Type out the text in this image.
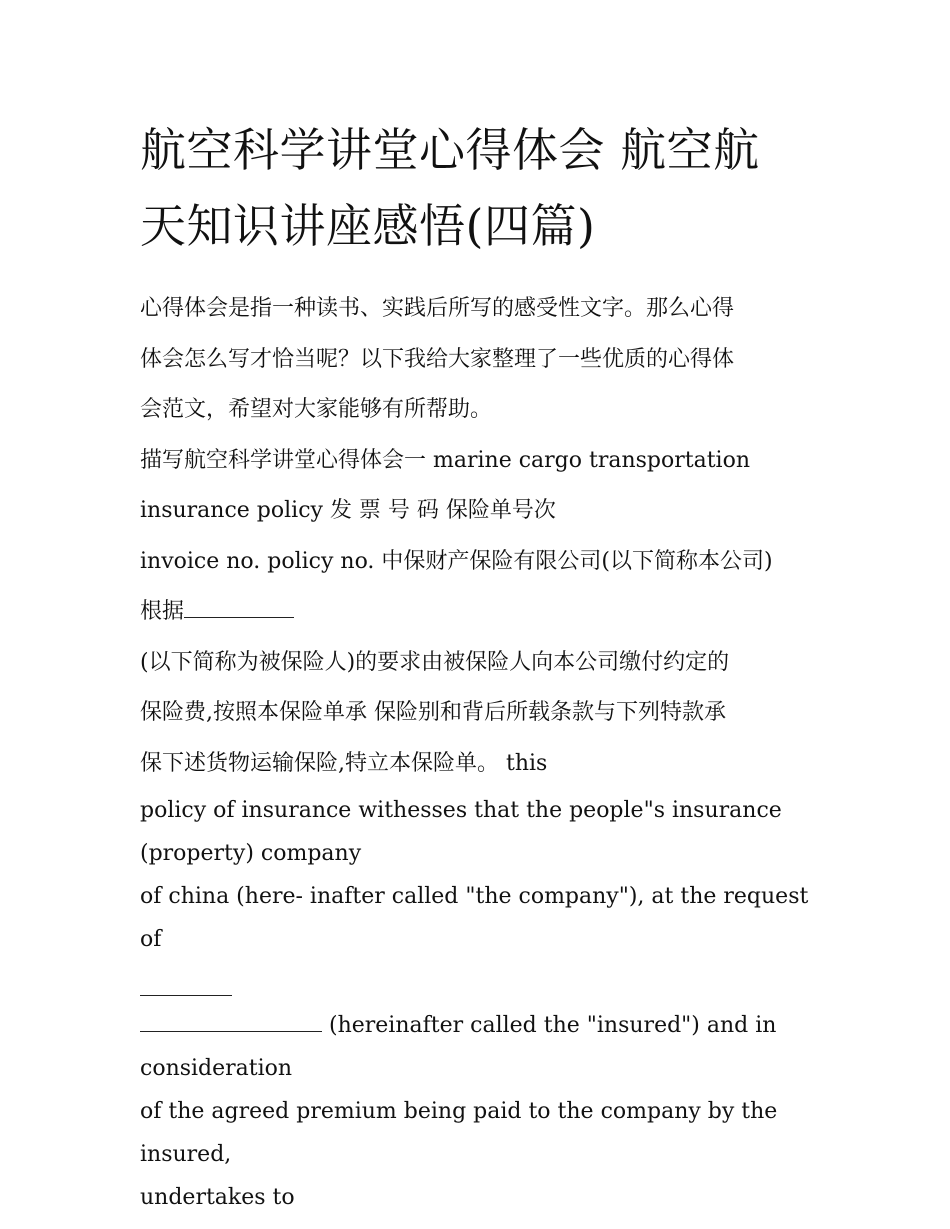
航空科学讲堂心得体会 航空航
天知识讲座感悟(四篇)
心得体会是指一种读书、实践后所写的感受性文字。那么心得
体会怎么写才恰当呢？以下我给大家整理了一些优质的心得体
会范文，希望对大家能够有所帮助。
描写航空科学讲堂心得体会一 marine cargo transportation
insurance policy 发 票 号 码 保险单号次
invoice no. policy no. 中保财产保险有限公司(以下简称本公司)
根据
(以下简称为被保险人)的要求由被保险人向本公司缴付约定的
保险费,按照本保险单承 保险别和背后所载条款与下列特款承
保下述货物运输保险,特立本保险单。 this
policy of insurance withesses that the people"s insurance
(property) company
of china (here- inafter called "the company"), at the request of
(hereinafter called the "insured") and in
consideration
of the agreed premium being paid to the company by the insured,
undertakes to
